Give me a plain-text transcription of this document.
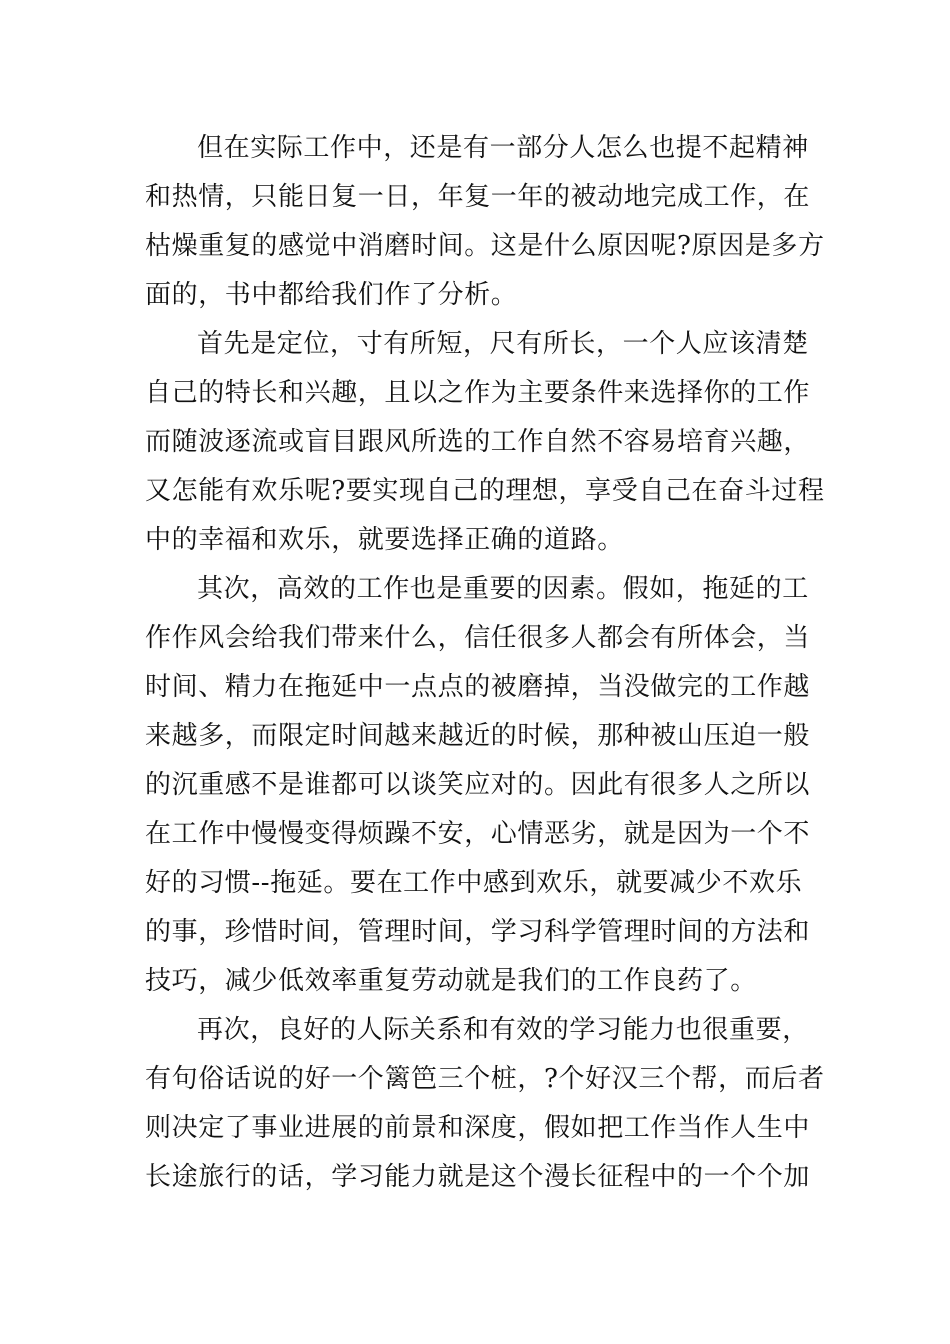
但在实际工作中，还是有一部分人怎么也提不起精神
和热情，只能日复一日，年复一年的被动地完成工作，在
枯燥重复的感觉中消磨时间。这是什么原因呢?原因是多方
面的，书中都给我们作了分析。
首先是定位，寸有所短，尺有所长，一个人应该清楚
自己的特长和兴趣，且以之作为主要条件来选择你的工作
而随波逐流或盲目跟风所选的工作自然不容易培育兴趣，
又怎能有欢乐呢?要实现自己的理想，享受自己在奋斗过程
中的幸福和欢乐，就要选择正确的道路。
其次，高效的工作也是重要的因素。假如，拖延的工
作作风会给我们带来什么，信任很多人都会有所体会，当
时间、精力在拖延中一点点的被磨掉，当没做完的工作越
来越多，而限定时间越来越近的时候，那种被山压迫一般
的沉重感不是谁都可以谈笑应对的。因此有很多人之所以
在工作中慢慢变得烦躁不安，心情恶劣，就是因为一个不
好的习惯--拖延。要在工作中感到欢乐，就要减少不欢乐
的事，珍惜时间，管理时间，学习科学管理时间的方法和
技巧，减少低效率重复劳动就是我们的工作良药了。
再次，良好的人际关系和有效的学习能力也很重要，
有句俗话说的好一个篱笆三个桩，?个好汉三个帮，而后者
则决定了事业进展的前景和深度，假如把工作当作人生中
长途旅行的话，学习能力就是这个漫长征程中的一个个加
